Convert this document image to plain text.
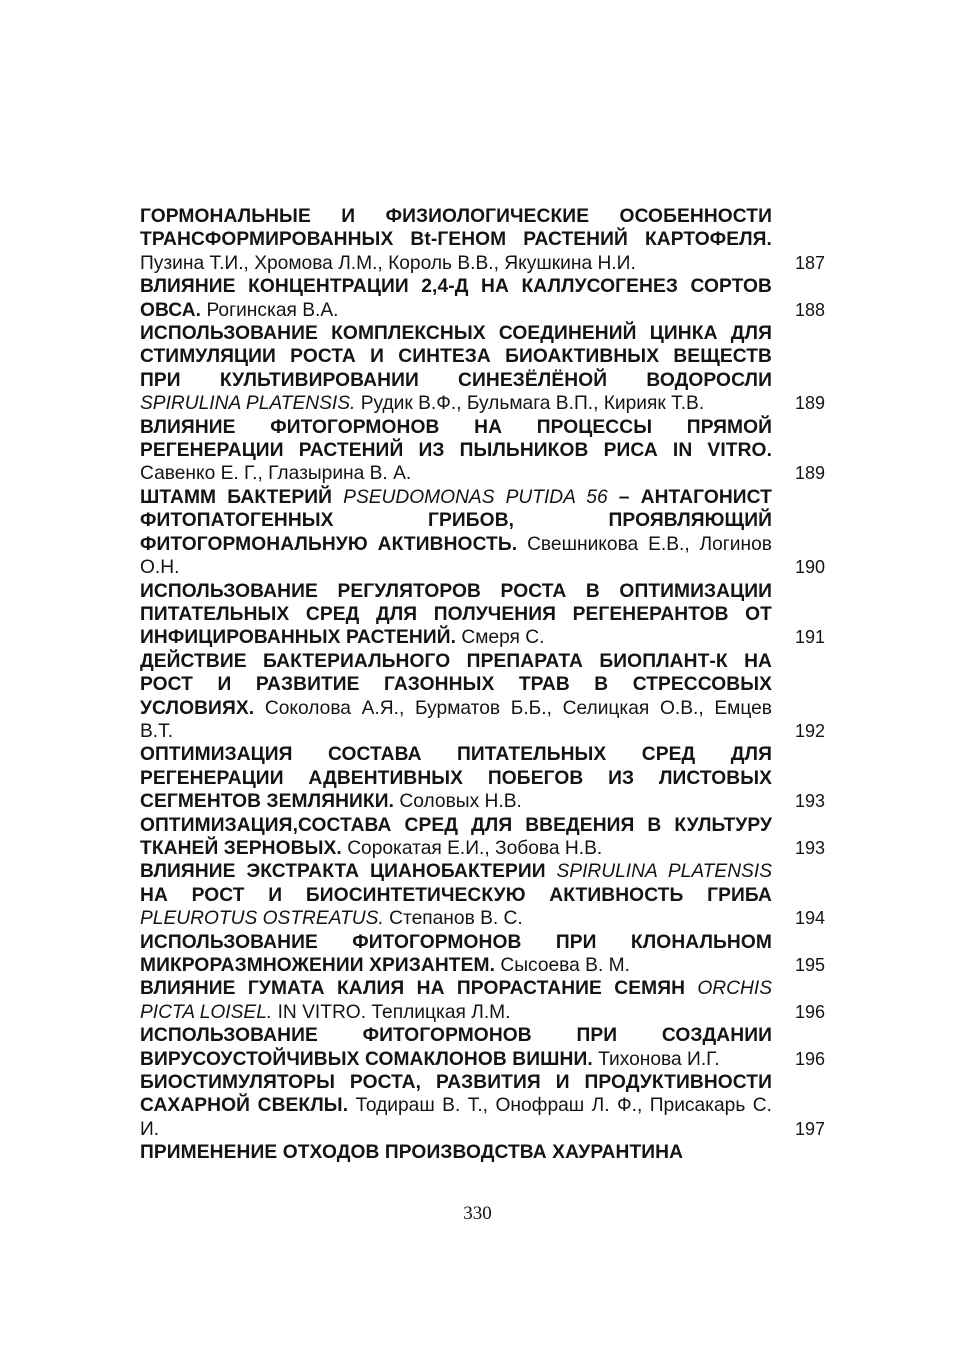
ГОРМОНАЛЬНЫЕ И ФИЗИОЛОГИЧЕСКИЕ ОСОБЕННОСТИ ТРАНСФОРМИРОВАННЫХ Bt-ГЕНОМ РАСТЕНИЙ КАРТОФЕЛЯ. Пузина Т.И., Хромова Л.М., Король В.В., Якушкина Н.И.	187
ВЛИЯНИЕ КОНЦЕНТРАЦИИ 2,4-Д НА КАЛЛУСОГЕНЕЗ СОРТОВ ОВСА. Рогинская В.А.	188
ИСПОЛЬЗОВАНИЕ КОМПЛЕКСНЫХ СОЕДИНЕНИЙ ЦИНКА ДЛЯ СТИМУЛЯЦИИ РОСТА И СИНТЕЗА БИОАКТИВНЫХ ВЕЩЕСТВ ПРИ КУЛЬТИВИРОВАНИИ СИНЕЗЁЛЁНОЙ ВОДОРОСЛИ SPIRULINA PLATENSIS. Рудик В.Ф., Бульмага В.П., Кирияк Т.В.	189
ВЛИЯНИЕ ФИТОГОРМОНОВ НА ПРОЦЕССЫ ПРЯМОЙ РЕГЕНЕРАЦИИ РАСТЕНИЙ ИЗ ПЫЛЬНИКОВ РИСА IN VITRO. Савенко Е. Г., Глазырина В. А.	189
ШТАММ БАКТЕРИЙ PSEUDOMONAS PUTIDA 56 – АНТАГОНИСТ ФИТОПАТОГЕННЫХ ГРИБОВ, ПРОЯВЛЯЮЩИЙ ФИТОГОРМОНАЛЬНУЮ АКТИВНОСТЬ. Свешникова Е.В., Логинов О.Н.	190
ИСПОЛЬЗОВАНИЕ РЕГУЛЯТОРОВ РОСТА В ОПТИМИЗАЦИИ ПИТАТЕЛЬНЫХ СРЕД ДЛЯ ПОЛУЧЕНИЯ РЕГЕНЕРАНТОВ ОТ ИНФИЦИРОВАННЫХ РАСТЕНИЙ. Смеря С.	191
ДЕЙСТВИЕ БАКТЕРИАЛЬНОГО ПРЕПАРАТА БИОПЛАНТ-К НА РОСТ И РАЗВИТИЕ ГАЗОННЫХ ТРАВ В СТРЕССОВЫХ УСЛОВИЯХ. Соколова А.Я., Бурматов Б.Б., Селицкая О.В., Емцев В.Т.	192
ОПТИМИЗАЦИЯ СОСТАВА ПИТАТЕЛЬНЫХ СРЕД ДЛЯ РЕГЕНЕРАЦИИ АДВЕНТИВНЫХ ПОБЕГОВ ИЗ ЛИСТОВЫХ СЕГМЕНТОВ ЗЕМЛЯНИКИ. Соловых Н.В.	193
ОПТИМИЗАЦИЯ,СОСТАВА СРЕД ДЛЯ ВВЕДЕНИЯ В КУЛЬТУРУ ТКАНЕЙ ЗЕРНОВЫХ. Сорокатая Е.И., Зобова Н.В.	193
ВЛИЯНИЕ ЭКСТРАКТА ЦИАНОБАКТЕРИИ SPIRULINA PLATENSIS НА РОСТ И БИОСИНТЕТИЧЕСКУЮ АКТИВНОСТЬ ГРИБА PLEUROTUS OSTREATUS. Степанов В. С.	194
ИСПОЛЬЗОВАНИЕ ФИТОГОРМОНОВ ПРИ КЛОНАЛЬНОМ МИКРОРАЗМНОЖЕНИИ ХРИЗАНТЕМ. Сысоева В. М.	195
ВЛИЯНИЕ ГУМАТА КАЛИЯ НА ПРОРАСТАНИЕ СЕМЯН ORCHIS PICTA LOISEL. IN VITRO. Теплицкая Л.М.	196
ИСПОЛЬЗОВАНИЕ ФИТОГОРМОНОВ ПРИ СОЗДАНИИ ВИРУСОУСТОЙЧИВЫХ СОМАКЛОНОВ ВИШНИ. Тихонова И.Г.	196
БИОСТИМУЛЯТОРЫ РОСТА, РАЗВИТИЯ И ПРОДУКТИВНОСТИ САХАРНОЙ СВЕКЛЫ. Тодираш В. Т., Онофраш Л. Ф., Присакарь С. И.	197
ПРИМЕНЕНИЕ ОТХОДОВ ПРОИЗВОДСТВА ХАУРАНТИНА
330
